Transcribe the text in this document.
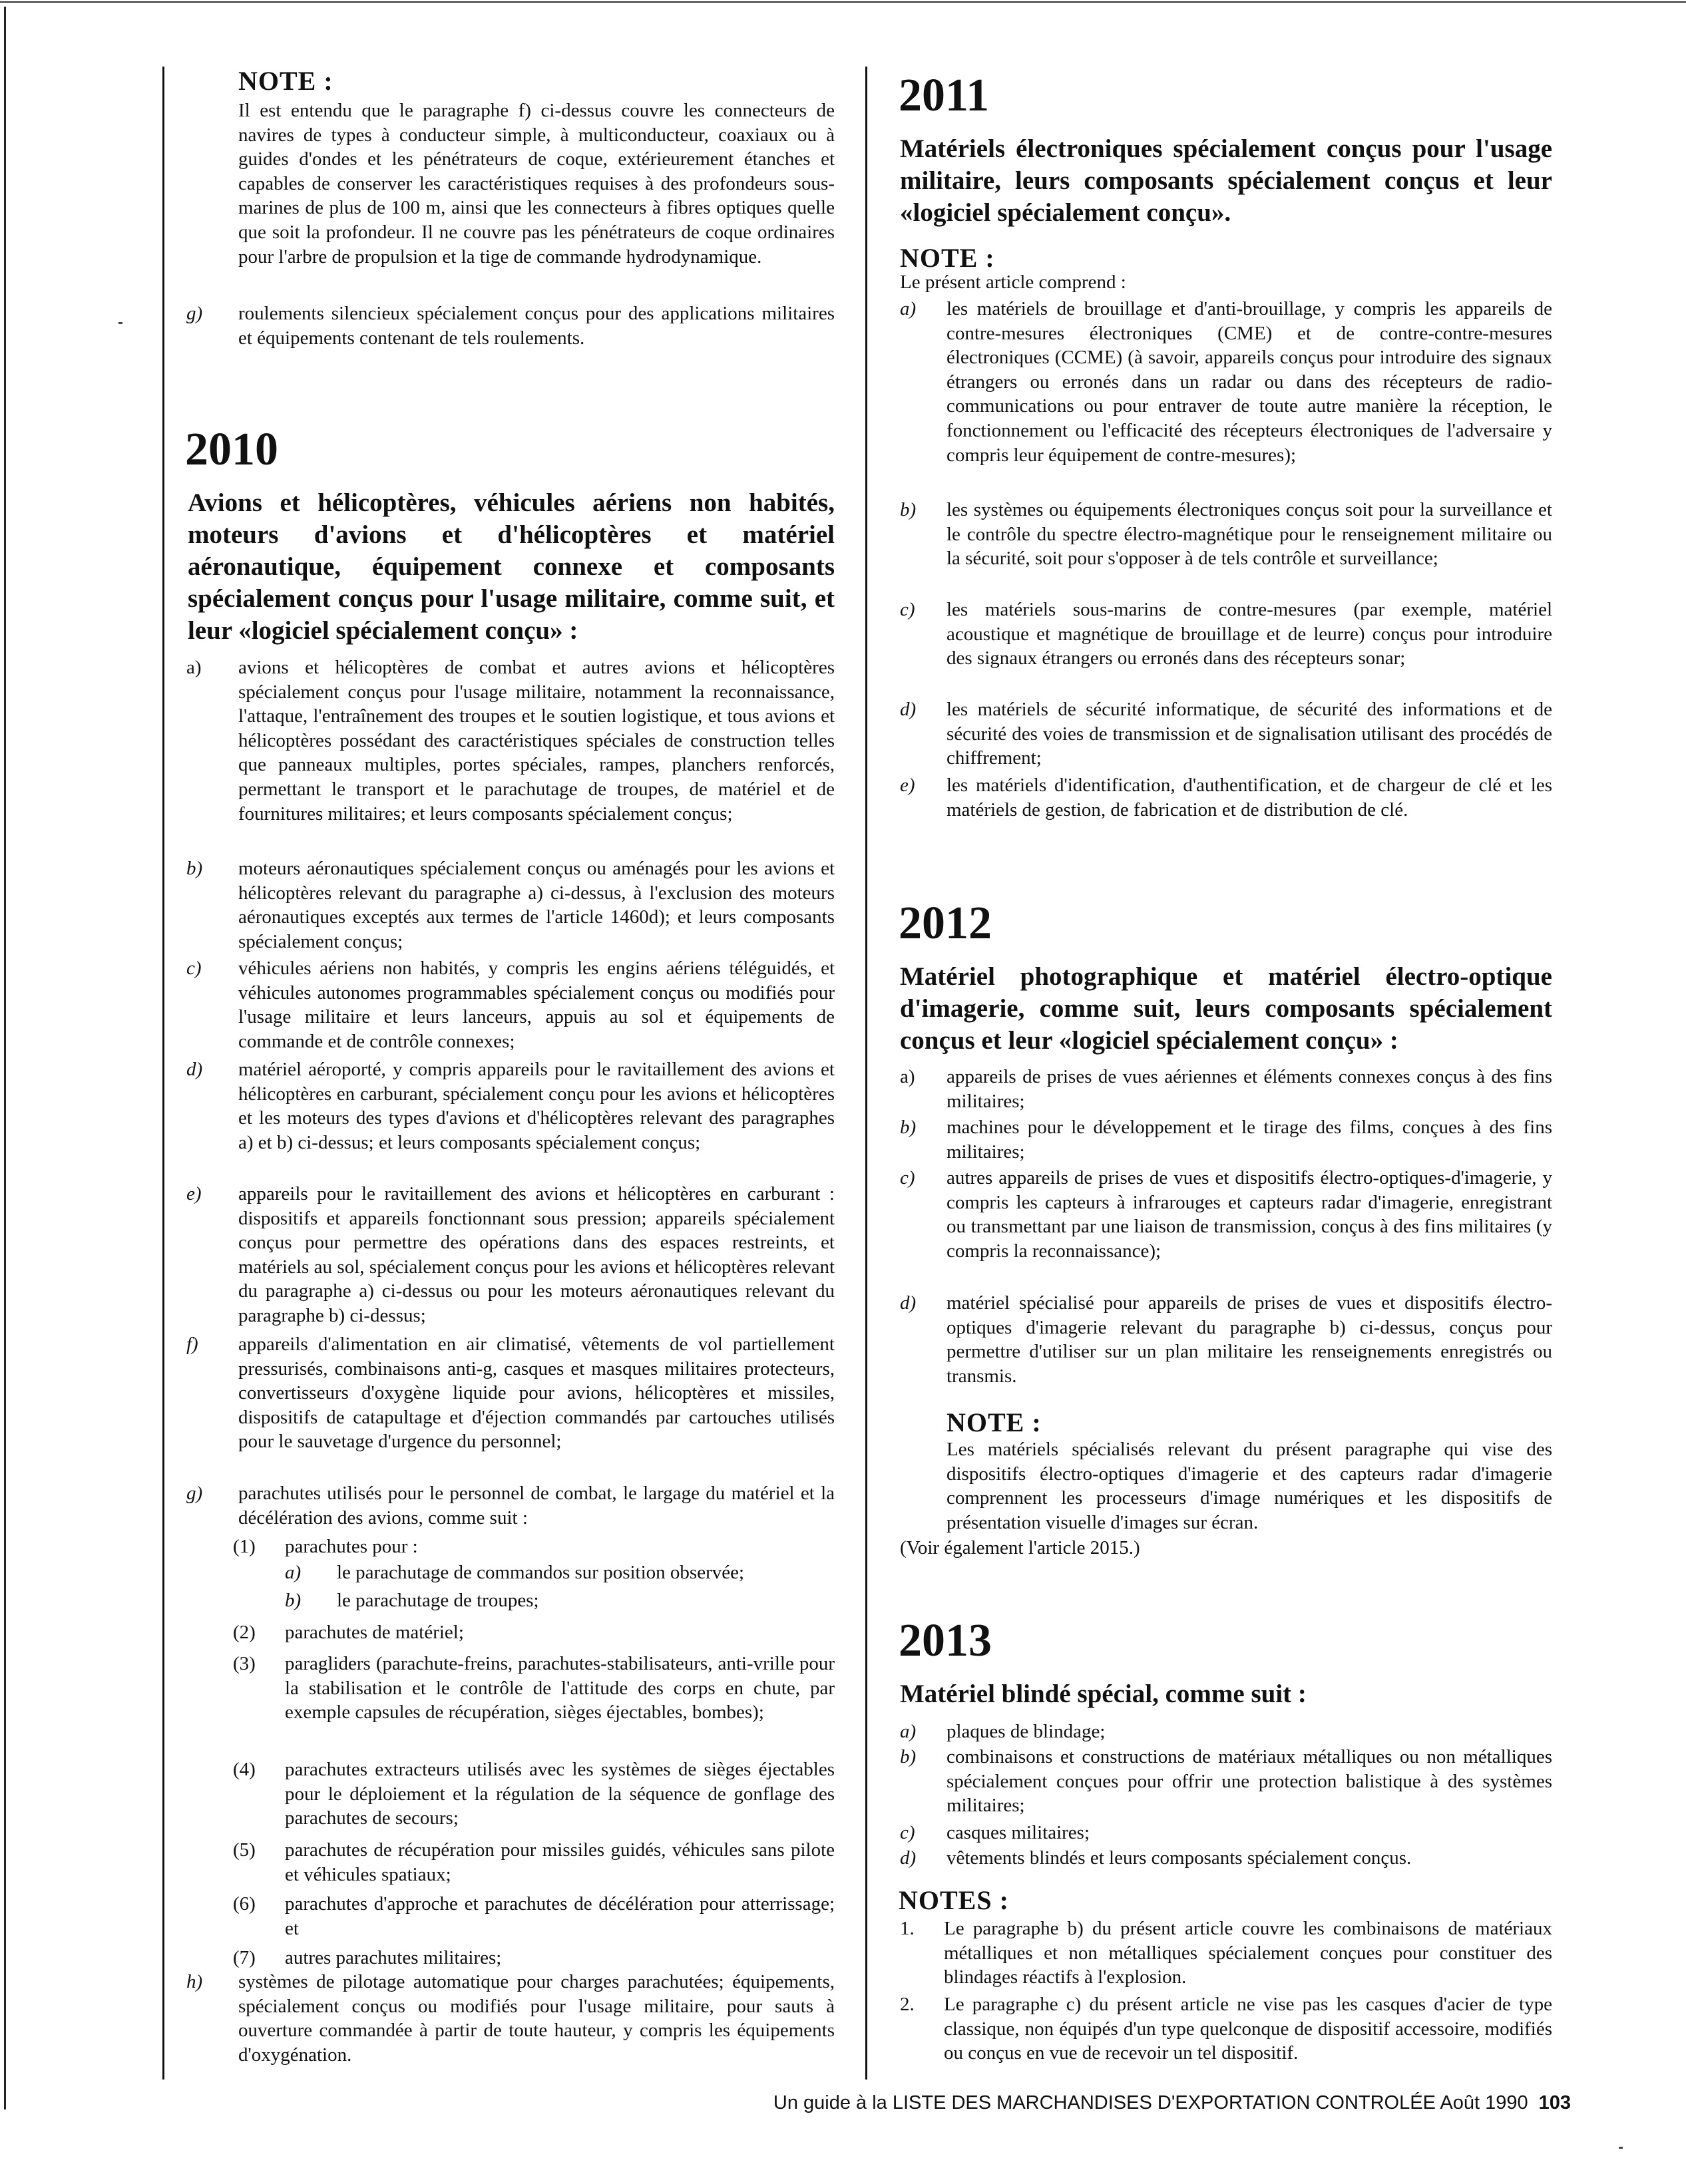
NOTE :
Il est entendu que le paragraphe f) ci-dessus couvre les connecteurs de navires de types à conducteur simple, à multiconducteur, coaxiaux ou à guides d'ondes et les pénétrateurs de coque, extérieurement étanches et capables de conserver les caractéristiques requises à des profondeurs sous-marines de plus de 100 m, ainsi que les connecteurs à fibres optiques quelle que soit la profondeur. Il ne couvre pas les pénétrateurs de coque ordinaires pour l'arbre de propulsion et la tige de commande hydrodynamique.
g) roulements silencieux spécialement conçus pour des applications militaires et équipements contenant de tels roulements.
2010
Avions et hélicoptères, véhicules aériens non habités, moteurs d'avions et d'hélicoptères et matériel aéronautique, équipement connexe et composants spécialement conçus pour l'usage militaire, comme suit, et leur «logiciel spécialement conçu» :
a) avions et hélicoptères de combat et autres avions et hélicoptères spécialement conçus pour l'usage militaire, notamment la reconnaissance, l'attaque, l'entraînement des troupes et le soutien logistique, et tous avions et hélicoptères possédant des caractéristiques spéciales de construction telles que panneaux multiples, portes spéciales, rampes, planchers renforcés, permettant le transport et le parachutage de troupes, de matériel et de fournitures militaires; et leurs composants spécialement conçus;
b) moteurs aéronautiques spécialement conçus ou aménagés pour les avions et hélicoptères relevant du paragraphe a) ci-dessus, à l'exclusion des moteurs aéronautiques exceptés aux termes de l'article 1460d); et leurs composants spécialement conçus;
c) véhicules aériens non habités, y compris les engins aériens téléguidés, et véhicules autonomes programmables spécialement conçus ou modifiés pour l'usage militaire et leurs lanceurs, appuis au sol et équipements de commande et de contrôle connexes;
d) matériel aéroporté, y compris appareils pour le ravitaillement des avions et hélicoptères en carburant, spécialement conçu pour les avions et hélicoptères et les moteurs des types d'avions et d'hélicoptères relevant des paragraphes a) et b) ci-dessus; et leurs composants spécialement conçus;
e) appareils pour le ravitaillement des avions et hélicoptères en carburant : dispositifs et appareils fonctionnant sous pression; appareils spécialement conçus pour permettre des opérations dans des espaces restreints, et matériels au sol, spécialement conçus pour les avions et hélicoptères relevant du paragraphe a) ci-dessus ou pour les moteurs aéronautiques relevant du paragraphe b) ci-dessus;
f) appareils d'alimentation en air climatisé, vêtements de vol partiellement pressurisés, combinaisons anti-g, casques et masques militaires protecteurs, convertisseurs d'oxygène liquide pour avions, hélicoptères et missiles, dispositifs de catapultage et d'éjection commandés par cartouches utilisés pour le sauvetage d'urgence du personnel;
g) parachutes utilisés pour le personnel de combat, le largage du matériel et la décélération des avions, comme suit :
(1) parachutes pour :
a) le parachutage de commandos sur position observée;
b) le parachutage de troupes;
(2) parachutes de matériel;
(3) paragliders (parachute-freins, parachutes-stabilisateurs, anti-vrille pour la stabilisation et le contrôle de l'attitude des corps en chute, par exemple capsules de récupération, sièges éjectables, bombes);
(4) parachutes extracteurs utilisés avec les systèmes de sièges éjectables pour le déploiement et la régulation de la séquence de gonflage des parachutes de secours;
(5) parachutes de récupération pour missiles guidés, véhicules sans pilote et véhicules spatiaux;
(6) parachutes d'approche et parachutes de décélération pour atterrissage; et
(7) autres parachutes militaires;
h) systèmes de pilotage automatique pour charges parachutées; équipements, spécialement conçus ou modifiés pour l'usage militaire, pour sauts à ouverture commandée à partir de toute hauteur, y compris les équipements d'oxygénation.
2011
Matériels électroniques spécialement conçus pour l'usage militaire, leurs composants spécialement conçus et leur «logiciel spécialement conçu».
NOTE :
Le présent article comprend :
a) les matériels de brouillage et d'anti-brouillage, y compris les appareils de contre-mesures électroniques (CME) et de contre-contre-mesures électroniques (CCME) (à savoir, appareils conçus pour introduire des signaux étrangers ou erronés dans un radar ou dans des récepteurs de radio-communications ou pour entraver de toute autre manière la réception, le fonctionnement ou l'efficacité des récepteurs électroniques de l'adversaire y compris leur équipement de contre-mesures);
b) les systèmes ou équipements électroniques conçus soit pour la surveillance et le contrôle du spectre électro-magnétique pour le renseignement militaire ou la sécurité, soit pour s'opposer à de tels contrôle et surveillance;
c) les matériels sous-marins de contre-mesures (par exemple, matériel acoustique et magnétique de brouillage et de leurre) conçus pour introduire des signaux étrangers ou erronés dans des récepteurs sonar;
d) les matériels de sécurité informatique, de sécurité des informations et de sécurité des voies de transmission et de signalisation utilisant des procédés de chiffrement;
e) les matériels d'identification, d'authentification, et de chargeur de clé et les matériels de gestion, de fabrication et de distribution de clé.
2012
Matériel photographique et matériel électro-optique d'imagerie, comme suit, leurs composants spécialement conçus et leur «logiciel spécialement conçu» :
a) appareils de prises de vues aériennes et éléments connexes conçus à des fins militaires;
b) machines pour le développement et le tirage des films, conçues à des fins militaires;
c) autres appareils de prises de vues et dispositifs électro-optiques-d'imagerie, y compris les capteurs à infrarouges et capteurs radar d'imagerie, enregistrant ou transmettant par une liaison de transmission, conçus à des fins militaires (y compris la reconnaissance);
d) matériel spécialisé pour appareils de prises de vues et dispositifs électro-optiques d'imagerie relevant du paragraphe b) ci-dessus, conçus pour permettre d'utiliser sur un plan militaire les renseignements enregistrés ou transmis.
NOTE :
Les matériels spécialisés relevant du présent paragraphe qui vise des dispositifs électro-optiques d'imagerie et des capteurs radar d'imagerie comprennent les processeurs d'image numériques et les dispositifs de présentation visuelle d'images sur écran.
(Voir également l'article 2015.)
2013
Matériel blindé spécial, comme suit :
a) plaques de blindage;
b) combinaisons et constructions de matériaux métalliques ou non métalliques spécialement conçues pour offrir une protection balistique à des systèmes militaires;
c) casques militaires;
d) vêtements blindés et leurs composants spécialement conçus.
NOTES :
1. Le paragraphe b) du présent article couvre les combinaisons de matériaux métalliques et non métalliques spécialement conçues pour constituer des blindages réactifs à l'explosion.
2. Le paragraphe c) du présent article ne vise pas les casques d'acier de type classique, non équipés d'un type quelconque de dispositif accessoire, modifiés ou conçus en vue de recevoir un tel dispositif.
Un guide à la LISTE DES MARCHANDISES D'EXPORTATION CONTROLÉE Août 1990 103
